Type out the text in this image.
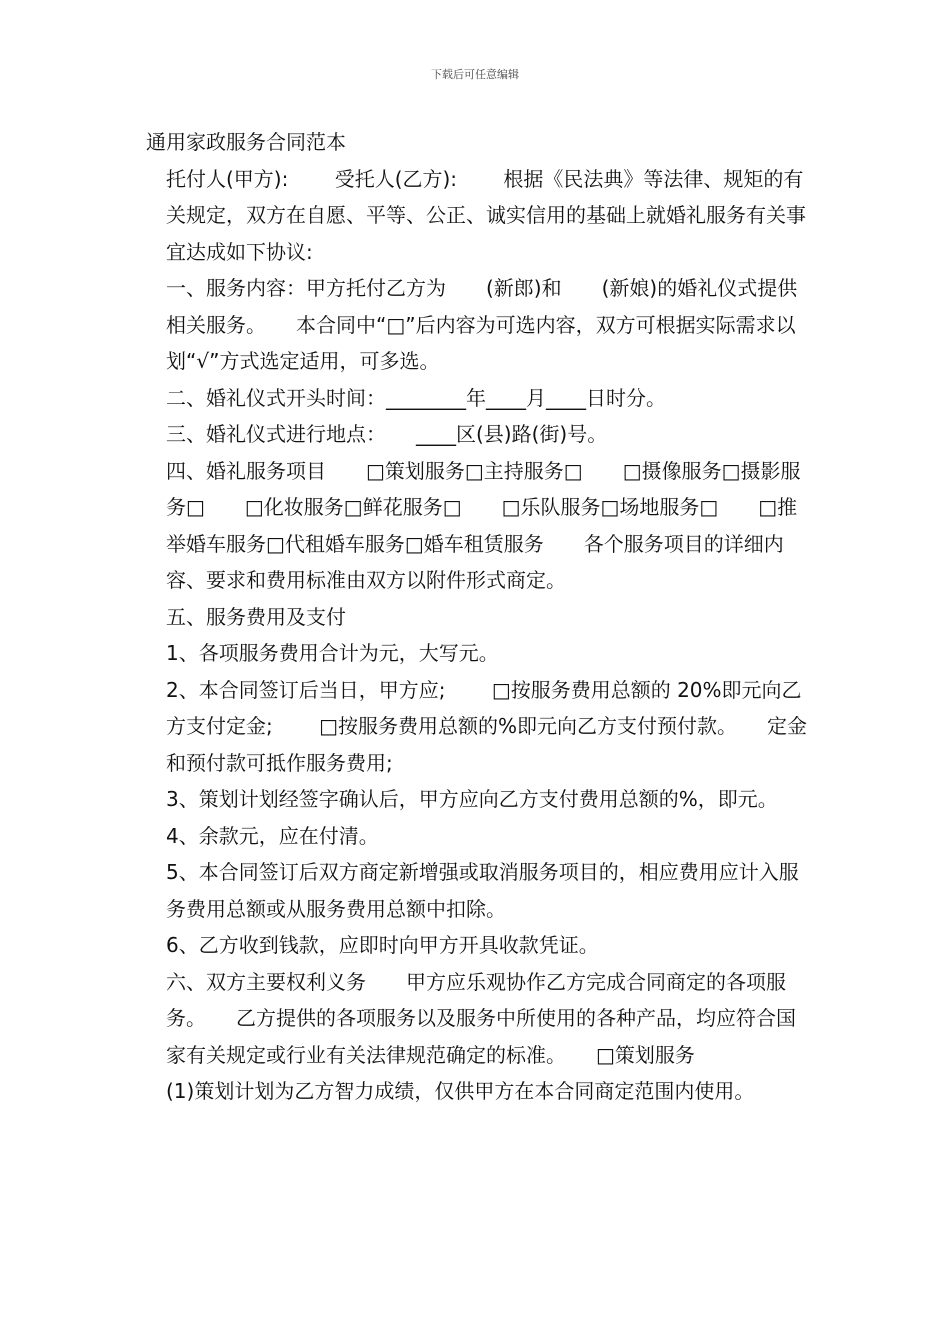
下载后可任意编辑

通用家政服务合同范本

托付人(甲方):　　 受托人(乙方):　　 根据《民法典》等法律、规矩的有关规定，双方在自愿、平等、公正、诚实信用的基础上就婚礼服务有关事宜达成如下协议:

一、服务内容：甲方托付乙方为　　(新郎)和　　(新娘)的婚礼仪式提供相关服务。　　本合同中“□”后内容为可选内容，双方可根据实际需求以划“√”方式选定适用，可多选。

二、婚礼仪式开头时间：________年____月____日时分。

三、婚礼仪式进行地点：　　____区(县)路(街)号。

四、婚礼服务项目　　□策划服务□主持服务□　　□摄像服务□摄影服务□　　□化妆服务□鲜花服务□　　□乐队服务□场地服务□　　□推举婚车服务□代租婚车服务□婚车租赁服务　　各个服务项目的详细内容、要求和费用标准由双方以附件形式商定。

五、服务费用及支付

1、各项服务费用合计为元，大写元。

2、本合同签订后当日，甲方应;　　 □按服务费用总额的 20%即元向乙方支付定金;　　 □按服务费用总额的%即元向乙方支付预付款。　　定金和预付款可抵作服务费用;

3、策划计划经签字确认后，甲方应向乙方支付费用总额的%，即元。

4、余款元，应在付清。

5、本合同签订后双方商定新增强或取消服务项目的，相应费用应计入服务费用总额或从服务费用总额中扣除。

6、乙方收到钱款，应即时向甲方开具收款凭证。

六、双方主要权利义务　　甲方应乐观协作乙方完成合同商定的各项服务。　　乙方提供的各项服务以及服务中所使用的各种产品，均应符合国家有关规定或行业有关法律规范确定的标准。　　□策划服务

(1)策划计划为乙方智力成绩，仅供甲方在本合同商定范围内使用。
